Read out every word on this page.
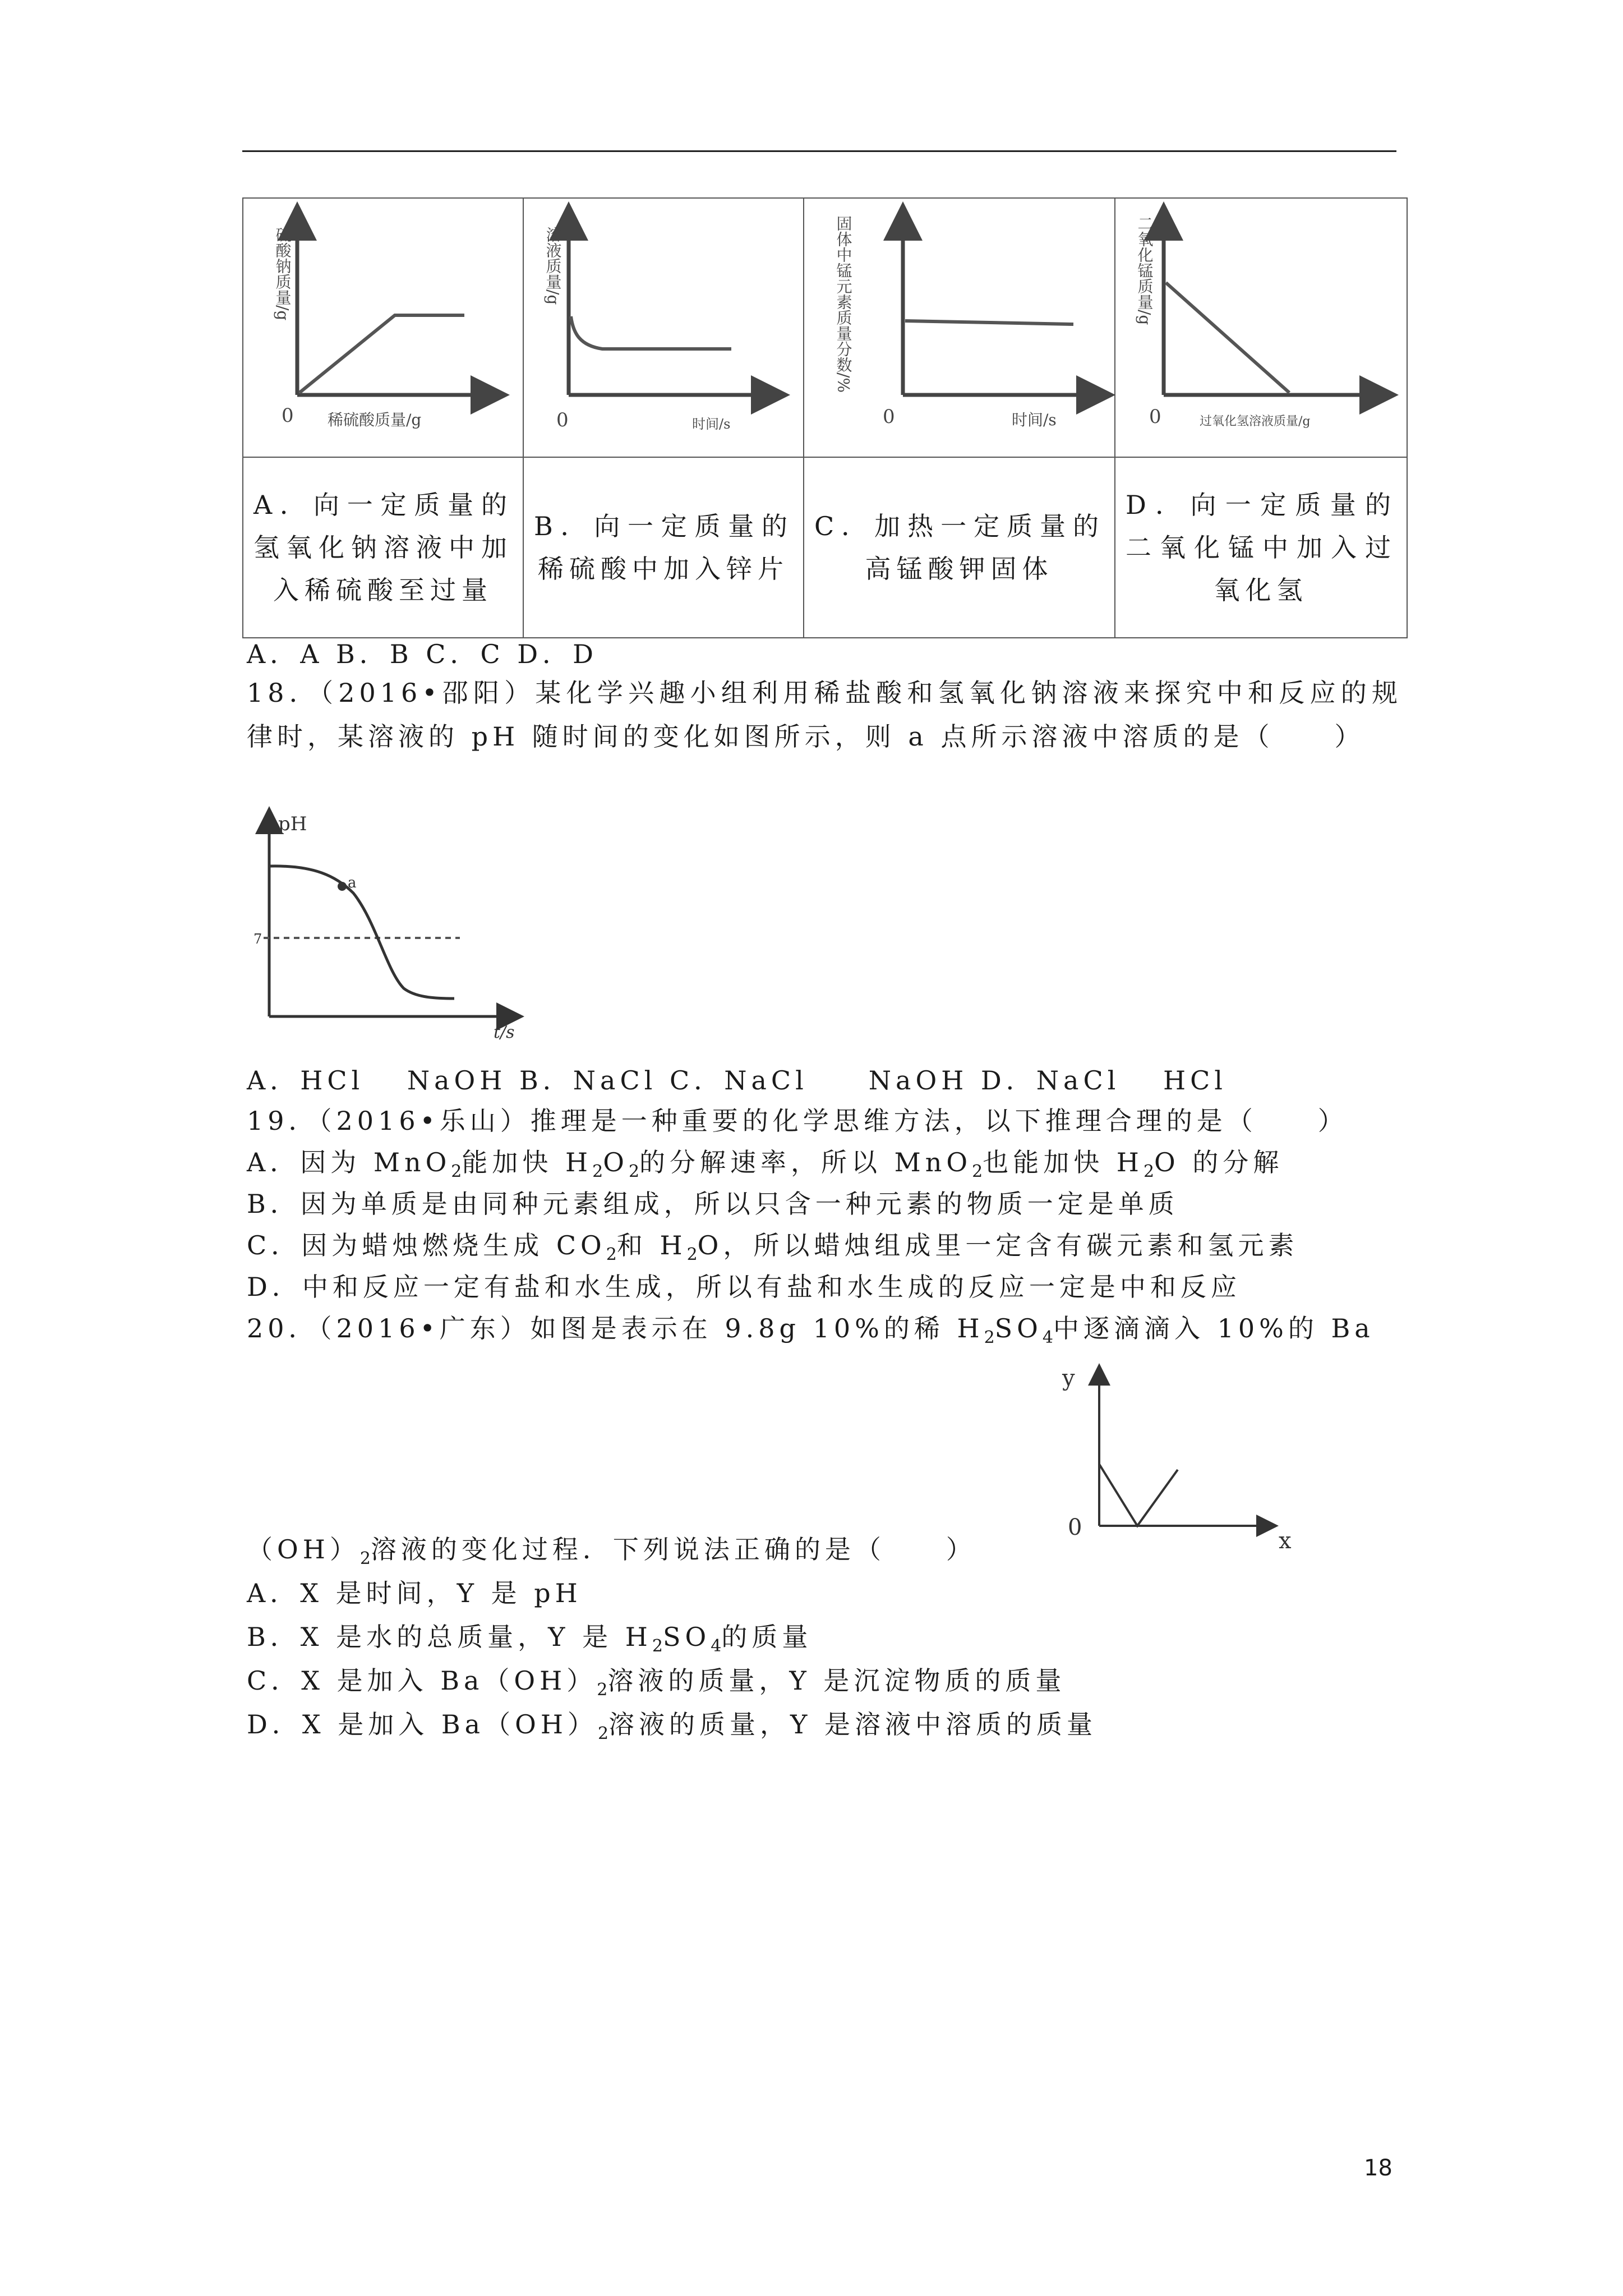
0 稀硫酸质量/g
硫酸钠质量/g	0 时间/s
溶液质量/g	0 时间/s
固体中锰元素质量分数/%	0 过氧化氢溶液质量/g
二氧化锰质量/g

A．向一定质量的氢氧化钠溶液中加入稀硫酸至过量	B．向一定质量的稀硫酸中加入锌片	C．加热一定质量的高锰酸钾固体	D．向一定质量的二氧化锰中加入过氧化氢
A．A B．B C．C D．D
18．（2016•邵阳）某化学兴趣小组利用稀盐酸和氢氧化钠溶液来探究中和反应的规律时，某溶液的 pH 随时间的变化如图所示，则 a 点所示溶液中溶质的是（　　）
pH
a
7
t/s
A．HCl　 NaOH B．NaCl C．NaCl　　NaOH D．NaCl　 HCl
19．（2016•乐山）推理是一种重要的化学思维方法，以下推理合理的是（　　）
A．因为 MnO$_2$能加快 $H_2O_2$的分解速率，所以 MnO$_2$也能加快 $H_2O$ 的分解
B．因为单质是由同种元素组成，所以只含一种元素的物质一定是单质
C．因为蜡烛燃烧生成 $CO_2$和 $H_2O$，所以蜡烛组成里一定含有碳元素和氢元素
D．中和反应一定有盐和水生成，所以有盐和水生成的反应一定是中和反应
20．（2016•广东）如图是表示在 9.8g 10%的稀 $H_2SO_4$中逐滴滴入 10%的 Ba
y
0
x
$(OH)_2$溶液的变化过程．下列说法正确的是（　　）
A．X 是时间，Y 是 pH
B．X 是水的总质量，Y 是 $H_2SO_4$的质量
C．X 是加入 $Ba(OH)_2$溶液的质量，Y 是沉淀物质的质量
D．X 是加入 $Ba(OH)_2$溶液的质量，Y 是溶液中溶质的质量
18
